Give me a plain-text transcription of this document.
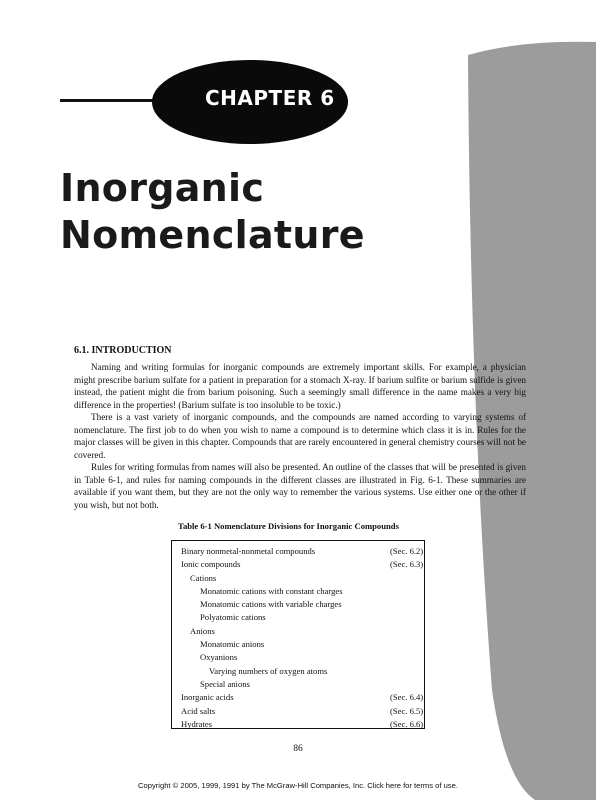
CHAPTER 6
Inorganic
Nomenclature
6.1. INTRODUCTION

Naming and writing formulas for inorganic compounds are extremely important skills. For example, a physician might prescribe barium sulfate for a patient in preparation for a stomach X-ray. If barium sulfite or barium sulfide is given instead, the patient might die from barium poisoning. Such a seemingly small difference in the name makes a very big difference in the properties! (Barium sulfate is too insoluble to be toxic.)

There is a vast variety of inorganic compounds, and the compounds are named according to varying systems of nomenclature. The first job to do when you wish to name a compound is to determine which class it is in. Rules for the major classes will be given in this chapter. Compounds that are rarely encountered in general chemistry courses will not be covered.

Rules for writing formulas from names will also be presented. An outline of the classes that will be presented is given in Table 6-1, and rules for naming compounds in the different classes are illustrated in Fig. 6-1. These summaries are available if you want them, but they are not the only way to remember the various systems. Use either one or the other if you wish, but not both.

Table 6-1 Nomenclature Divisions for Inorganic Compounds
Binary nonmetal-nonmetal compounds	(Sec. 6.2)
Ionic compounds	(Sec. 6.3)
Cations
Monatomic cations with constant charges
Monatomic cations with variable charges
Polyatomic cations
Anions
Monatomic anions
Oxyanions
Varying numbers of oxygen atoms
Special anions
Inorganic acids	(Sec. 6.4)
Acid salts	(Sec. 6.5)
Hydrates	(Sec. 6.6)
86
Copyright © 2005, 1999, 1991 by The McGraw-Hill Companies, Inc. Click here for terms of use.
